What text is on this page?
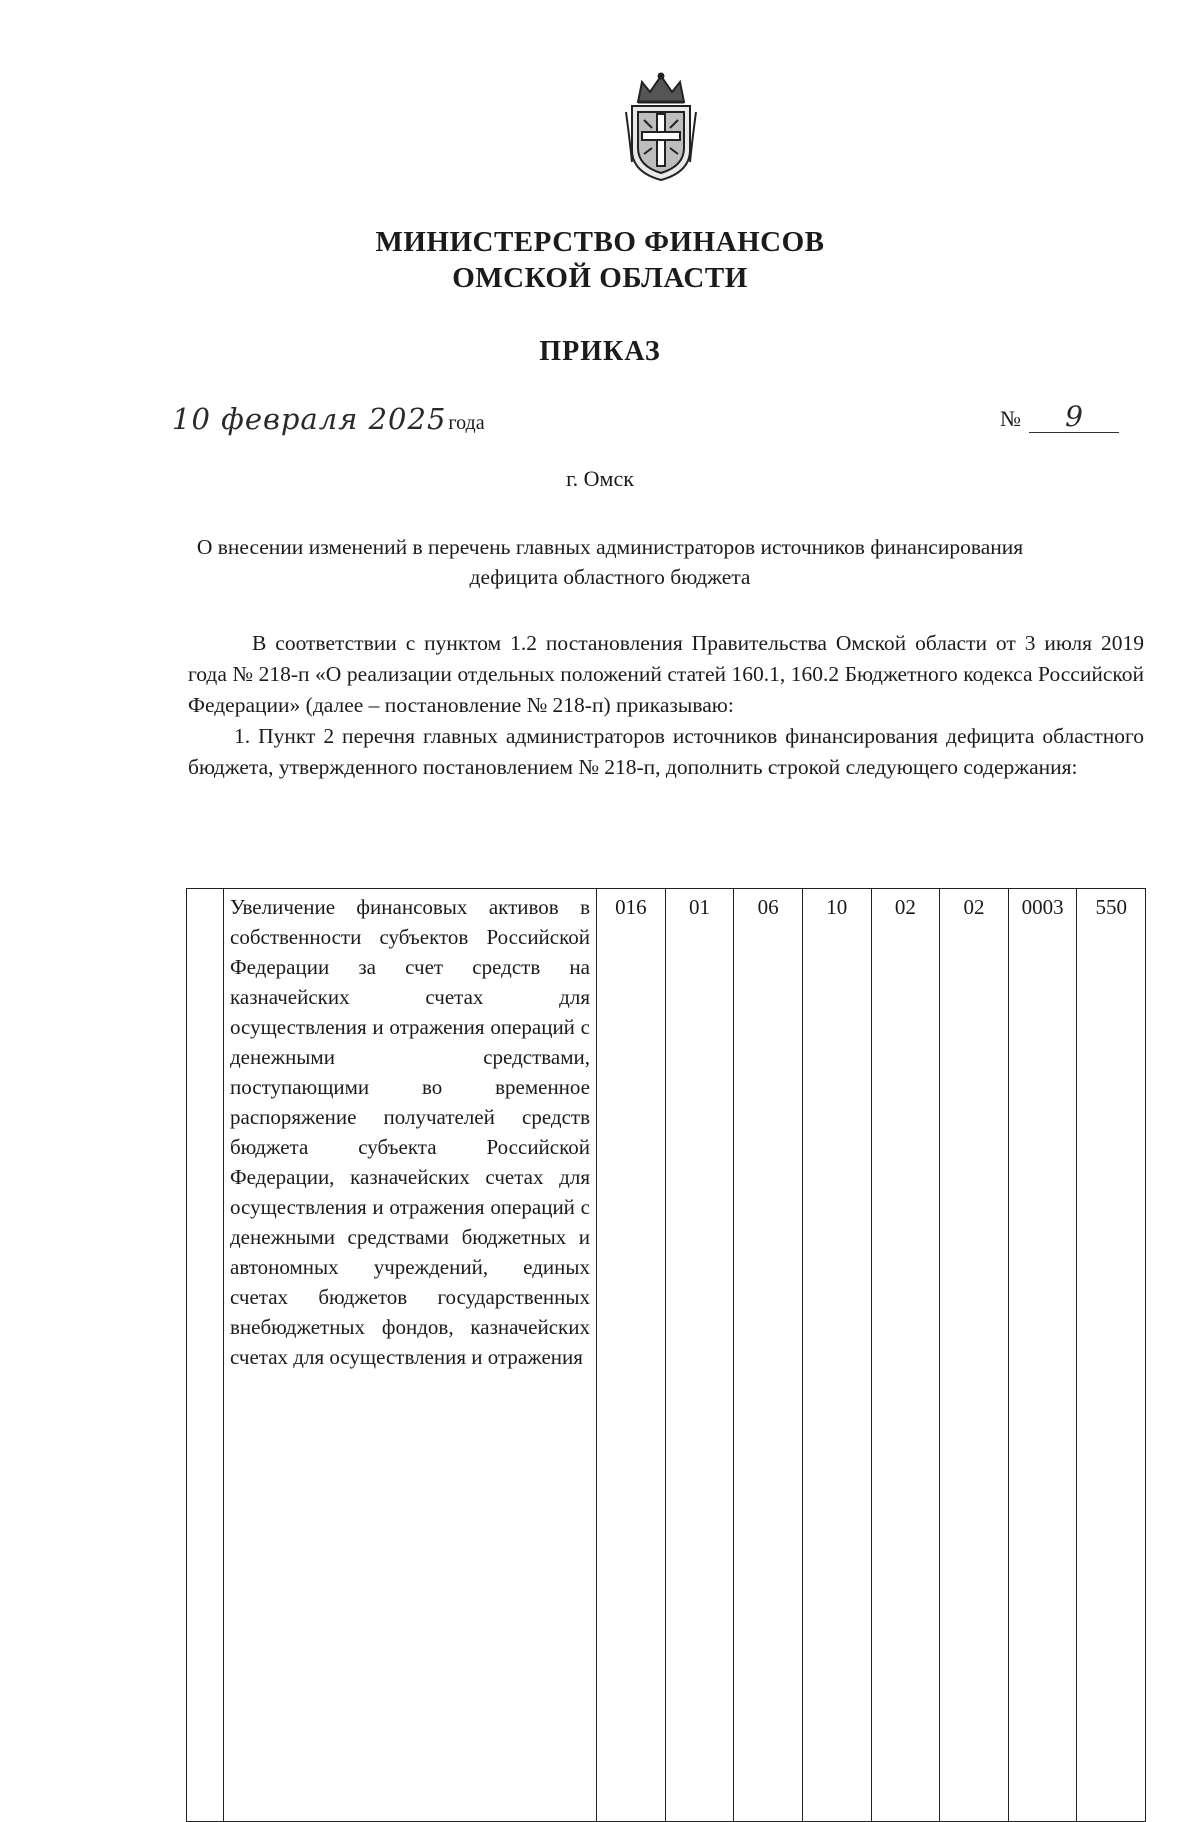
МИНИСТЕРСТВО ФИНАНСОВ
ОМСКОЙ ОБЛАСТИ
ПРИКАЗ
10 февраля 2025 года	№ 9
г. Омск
О внесении изменений в перечень главных администраторов источников финансирования дефицита областного бюджета

В соответствии с пунктом 1.2 постановления Правительства Омской области от 3 июля 2019 года № 218-п «О реализации отдельных положений статей 160.1, 160.2 Бюджетного кодекса Российской Федерации» (далее – постановление № 218-п) приказываю:

1. Пункт 2 перечня главных администраторов источников финансирования дефицита областного бюджета, утвержденного постановлением № 218-п, дополнить строкой следующего содержания:

	Увеличение финансовых активов в собственности субъектов Российской Федерации за счет средств на казначейских счетах для осуществления и отражения операций с денежными средствами, поступающими во временное распоряжение получателей средств бюджета субъекта Российской Федерации, казначейских счетах для осуществления и отражения операций с денежными средствами бюджетных и автономных учреждений, единых счетах бюджетов государственных внебюджетных фондов, казначейских счетах для осуществления и отражения	016	01	06	10	02	02	0003	550
